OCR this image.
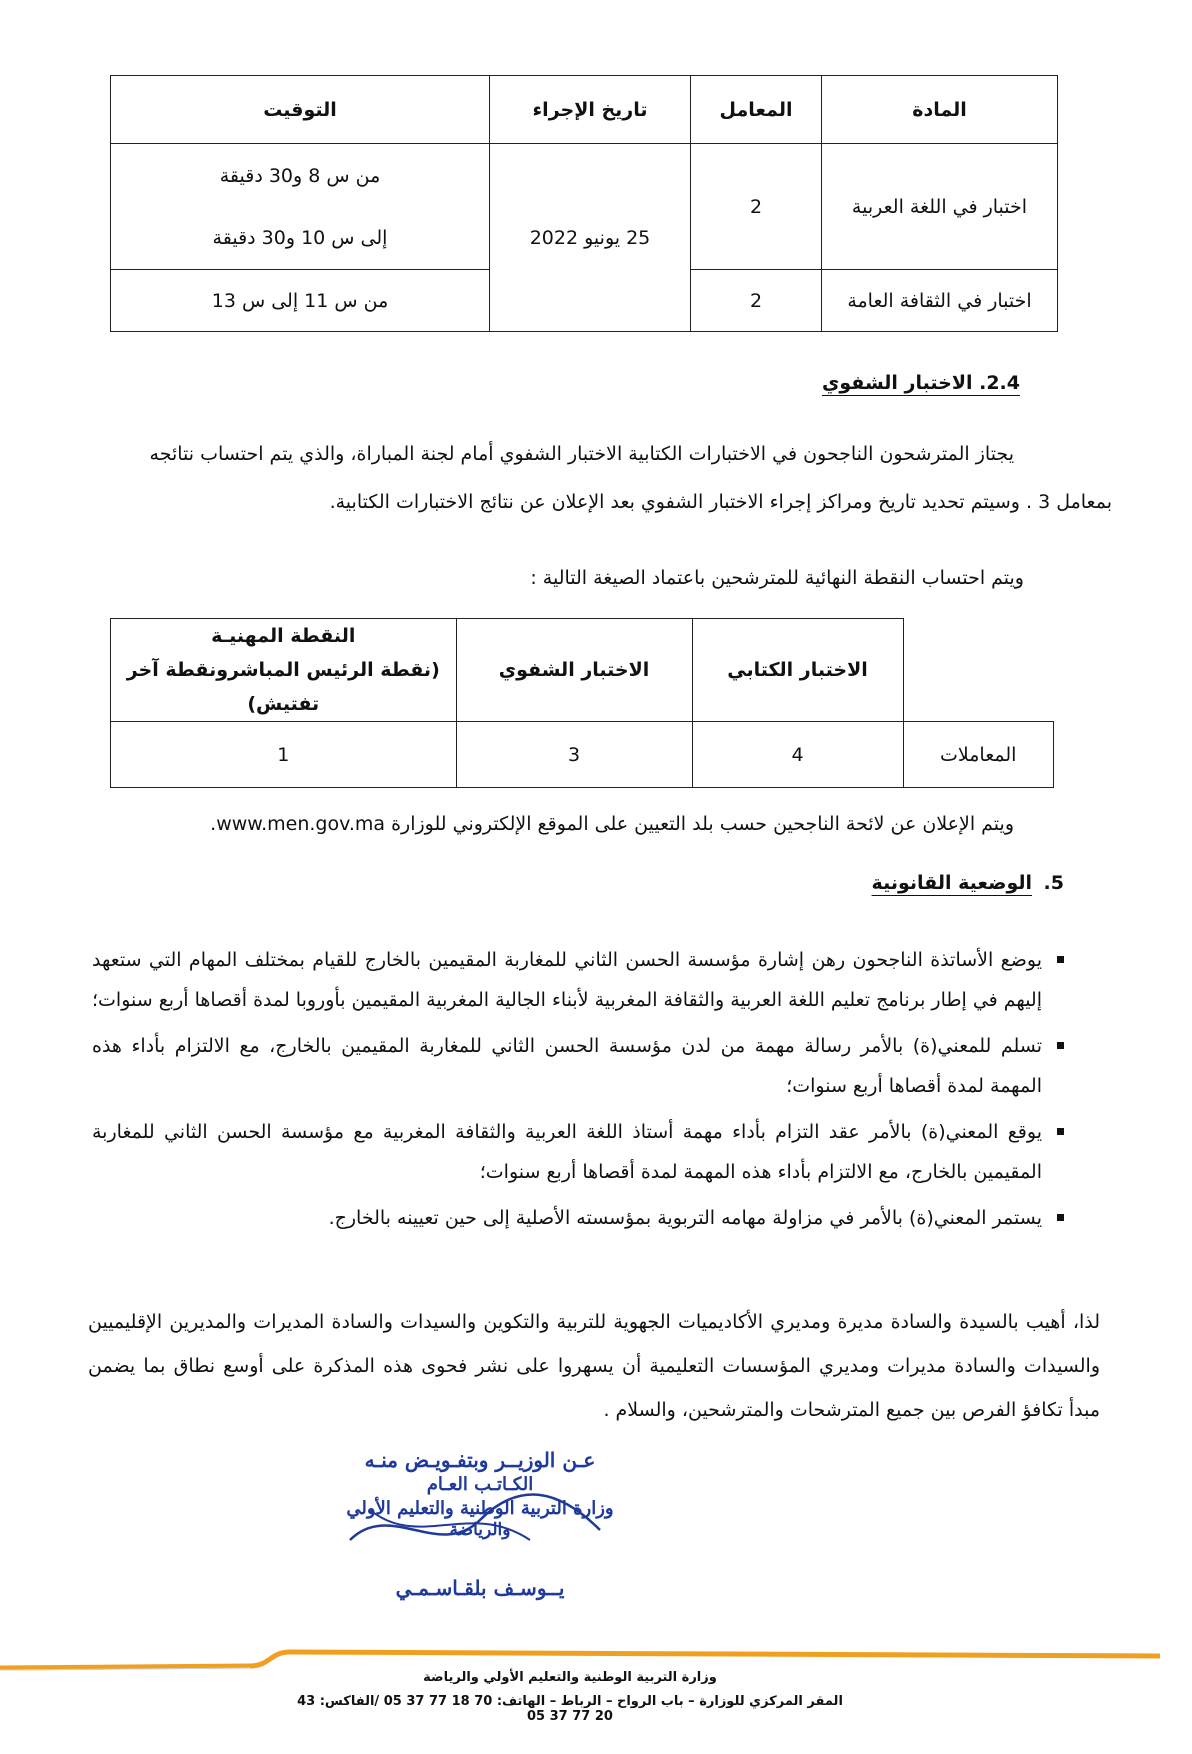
المادة	المعامل	تاريخ الإجراء	التوقيت
اختبار في اللغة العربية	2	25 يونيو 2022	من س 8 و30 دقيقة
إلى س 10 و30 دقيقة

اختبار في الثقافة العامة	2		من س 11 إلى س 13
2.4. الاختبار الشفوي
يجتاز المترشحون الناجحون في الاختبارات الكتابية الاختبار الشفوي أمام لجنة المباراة، والذي يتم احتساب نتائجه
بمعامل 3 . وسيتم تحديد تاريخ ومراكز إجراء الاختبار الشفوي بعد الإعلان عن نتائج الاختبارات الكتابية.
ويتم احتساب النقطة النهائية للمترشحين باعتماد الصيغة التالية :
	الاختبار الكتابي	الاختبار الشفوي	النقطة المهنيـة
(نقطة الرئيس المباشرونقطة آخر تفتيش)

المعاملات	4	3	1
ويتم الإعلان عن لائحة الناجحين حسب بلد التعيين على الموقع الإلكتروني للوزارة www.men.gov.ma.
5.
الوضعية القانونية
يوضع الأساتذة الناجحون رهن إشارة مؤسسة الحسن الثاني للمغاربة المقيمين بالخارج للقيام بمختلف المهام التي ستعهد إليهم في إطار برنامج تعليم اللغة العربية والثقافة المغربية لأبناء الجالية المغربية المقيمين بأوروبا لمدة أقصاها أربع سنوات؛
تسلم للمعني(ة) بالأمر رسالة مهمة من لدن مؤسسة الحسن الثاني للمغاربة المقيمين بالخارج، مع الالتزام بأداء هذه المهمة لمدة أقصاها أربع سنوات؛
يوقع المعني(ة) بالأمر عقد التزام بأداء مهمة أستاذ اللغة العربية والثقافة المغربية مع مؤسسة الحسن الثاني للمغاربة المقيمين بالخارج، مع الالتزام بأداء هذه المهمة لمدة أقصاها أربع سنوات؛
يستمر المعني(ة) بالأمر في مزاولة مهامه التربوية بمؤسسته الأصلية إلى حين تعيينه بالخارج.
لذا، أهيب بالسيدة والسادة مديرة ومديري الأكاديميات الجهوية للتربية والتكوين والسيدات والسادة المديرات والمديرين الإقليميين والسيدات والسادة مديرات ومديري المؤسسات التعليمية أن يسهروا على نشر فحوى هذه المذكرة على أوسع نطاق بما يضمن مبدأ تكافؤ الفرص بين جميع المترشحات والمترشحين، والسلام .
عـن الوزيــر وبتفـويـض منـه
الكـاتـب العـام
وزارة التربية الوطنية والتعليم الأولي
والرياضة
يــوسـف بلقـاسـمـي
وزارة التربية الوطنية والتعليم الأولي والرياضة
المقر المركزي للوزارة – باب الرواح – الرباط – الهاتف: 70 18 77 37 05 /الفاكس: 43 20 77 37 05
